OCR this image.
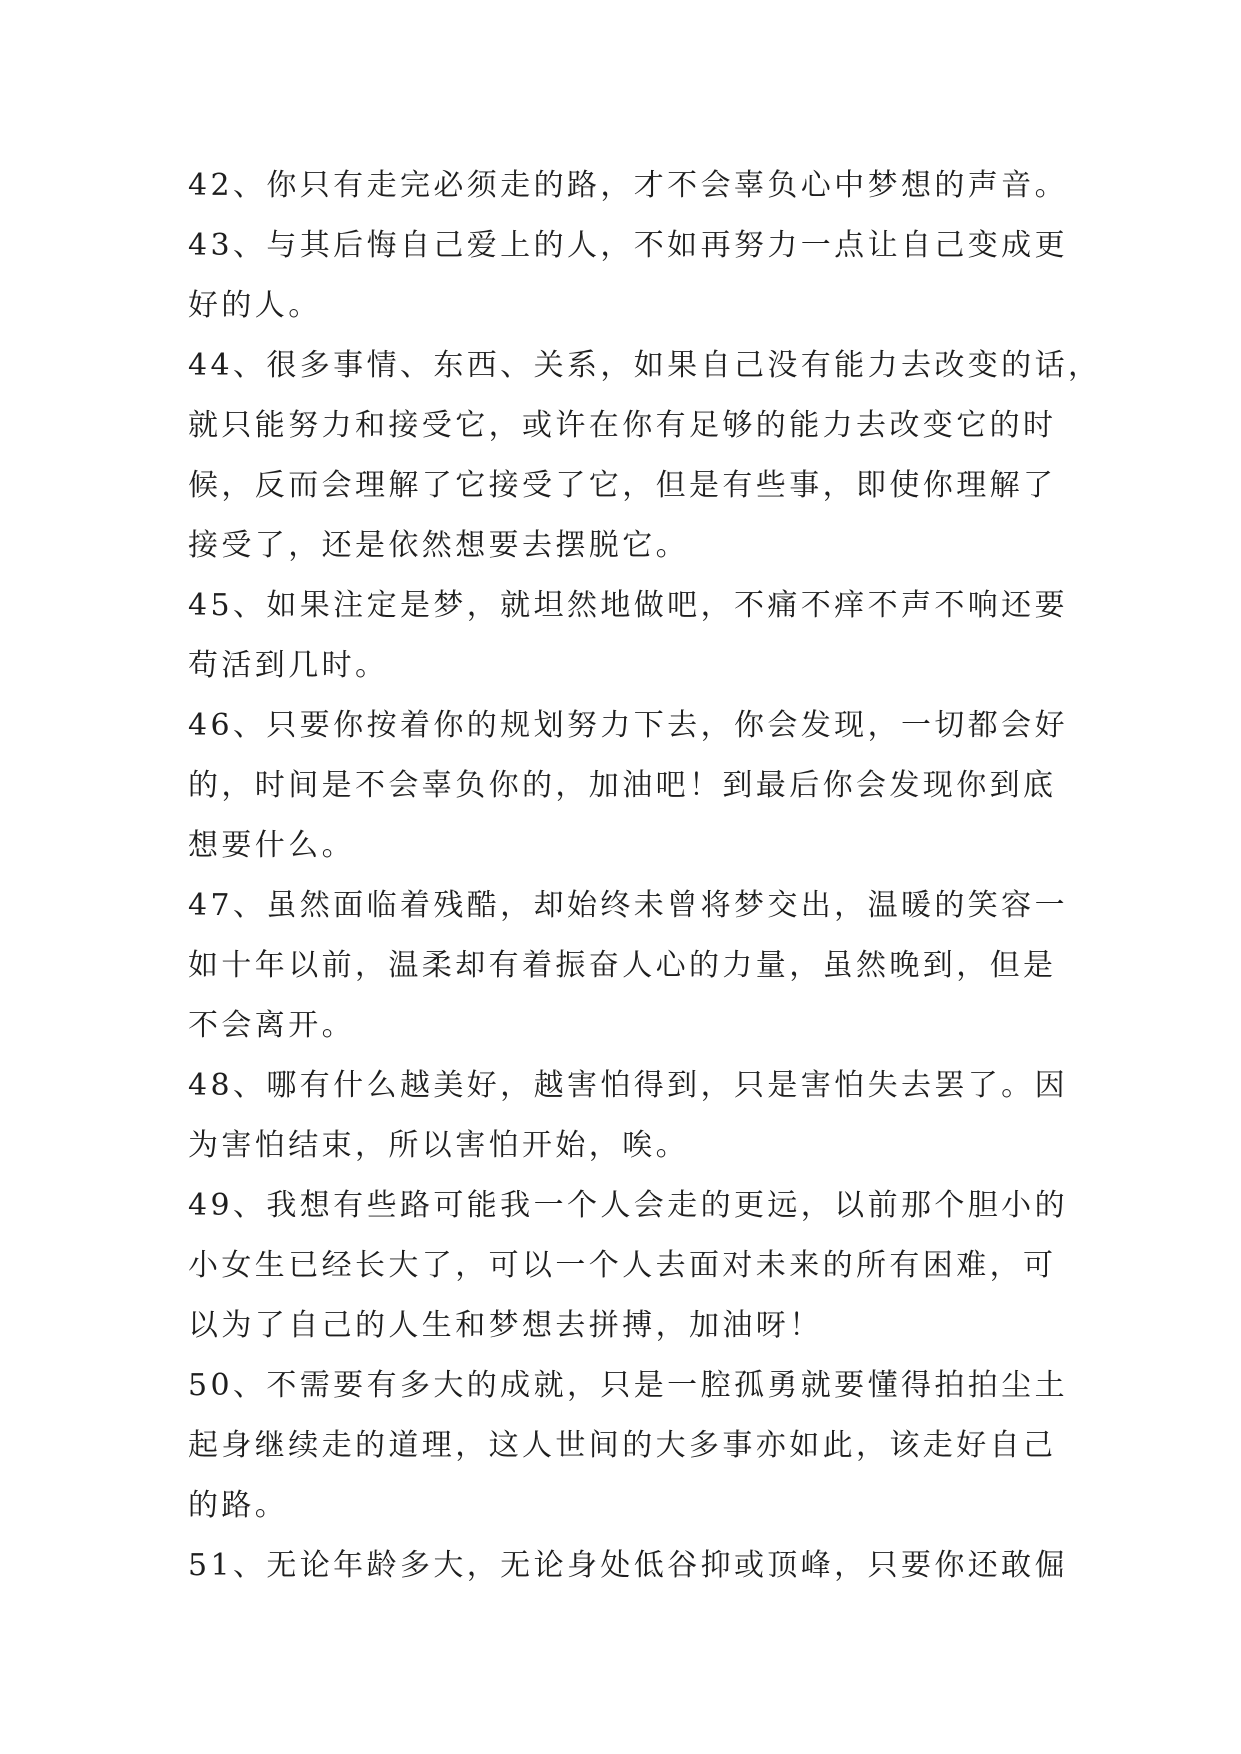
42、你只有走完必须走的路，才不会辜负心中梦想的声音。
43、与其后悔自己爱上的人，不如再努力一点让自己变成更
好的人。
44、很多事情、东西、关系，如果自己没有能力去改变的话，
就只能努力和接受它，或许在你有足够的能力去改变它的时
候，反而会理解了它接受了它，但是有些事，即使你理解了
接受了，还是依然想要去摆脱它。
45、如果注定是梦，就坦然地做吧，不痛不痒不声不响还要
苟活到几时。
46、只要你按着你的规划努力下去，你会发现，一切都会好
的，时间是不会辜负你的，加油吧！到最后你会发现你到底
想要什么。
47、虽然面临着残酷，却始终未曾将梦交出，温暖的笑容一
如十年以前，温柔却有着振奋人心的力量，虽然晚到，但是
不会离开。
48、哪有什么越美好，越害怕得到，只是害怕失去罢了。因
为害怕结束，所以害怕开始，唉。
49、我想有些路可能我一个人会走的更远，以前那个胆小的
小女生已经长大了，可以一个人去面对未来的所有困难，可
以为了自己的人生和梦想去拼搏，加油呀！
50、不需要有多大的成就，只是一腔孤勇就要懂得拍拍尘土
起身继续走的道理，这人世间的大多事亦如此，该走好自己
的路。
51、无论年龄多大，无论身处低谷抑或顶峰，只要你还敢倔
